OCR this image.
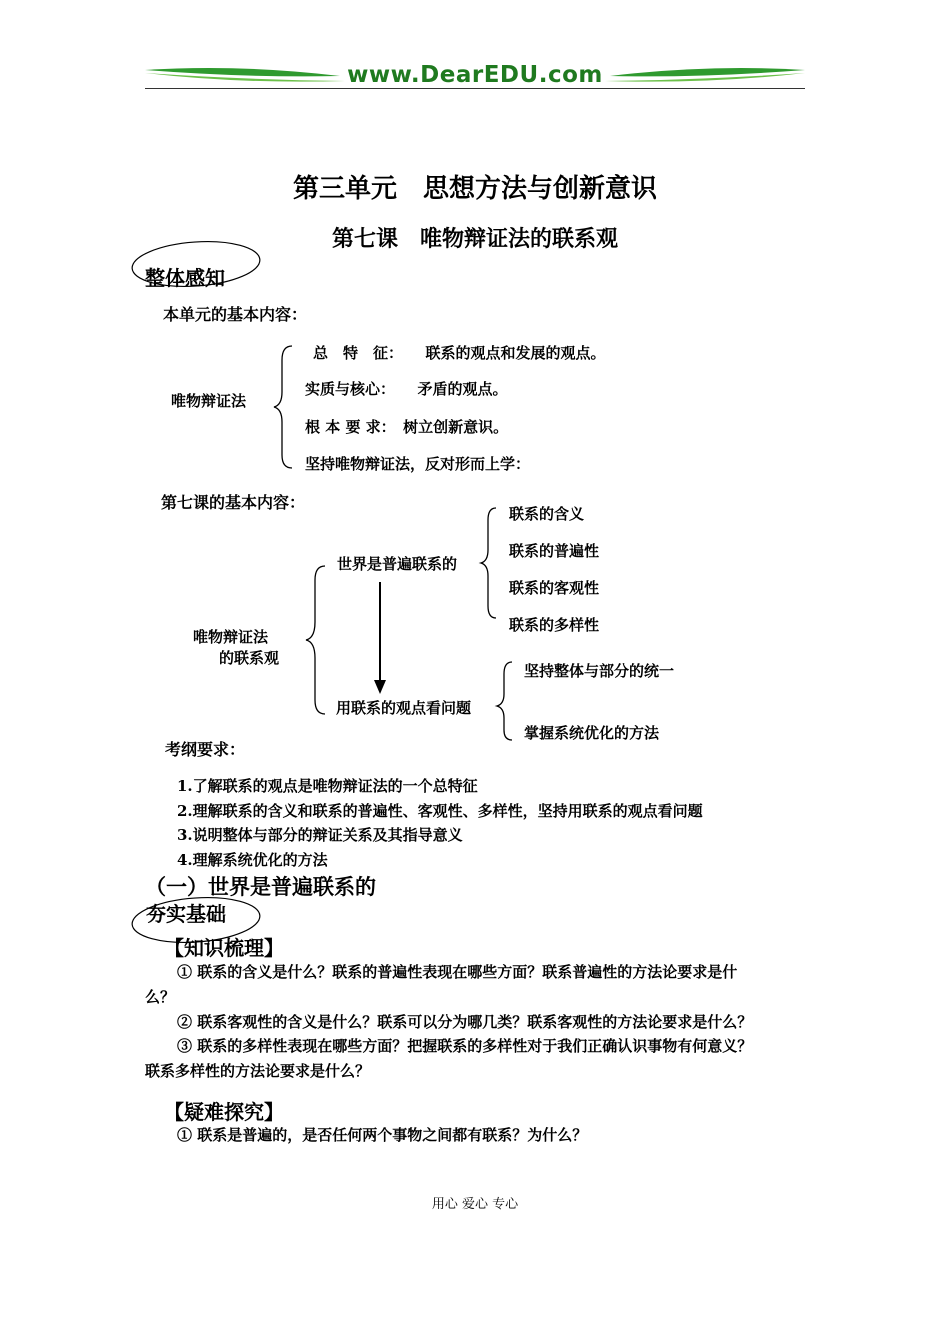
www.DearEDU.com
第三单元　思想方法与创新意识
第七课　唯物辩证法的联系观
整体感知
本单元的基本内容：
唯物辩证法
总　特　征：　　联系的观点和发展的观点。
实质与核心：　　矛盾的观点。
根 本 要 求：　树立创新意识。
坚持唯物辩证法，反对形而上学：
第七课的基本内容：
唯物辩证法
的联系观
世界是普遍联系的
用联系的观点看问题
联系的含义
联系的普遍性
联系的客观性
联系的多样性
坚持整体与部分的统一
掌握系统优化的方法
考纲要求：
1.了解联系的观点是唯物辩证法的一个总特征
2.理解联系的含义和联系的普遍性、客观性、多样性，坚持用联系的观点看问题
3.说明整体与部分的辩证关系及其指导意义
4.理解系统优化的方法
（一）世界是普遍联系的
夯实基础
【知识梳理】
① 联系的含义是什么？联系的普遍性表现在哪些方面？联系普遍性的方法论要求是什
么？
② 联系客观性的含义是什么？联系可以分为哪几类？联系客观性的方法论要求是什么？
③ 联系的多样性表现在哪些方面？把握联系的多样性对于我们正确认识事物有何意义？
联系多样性的方法论要求是什么？
【疑难探究】
① 联系是普遍的，是否任何两个事物之间都有联系？为什么？
用心 爱心 专心
